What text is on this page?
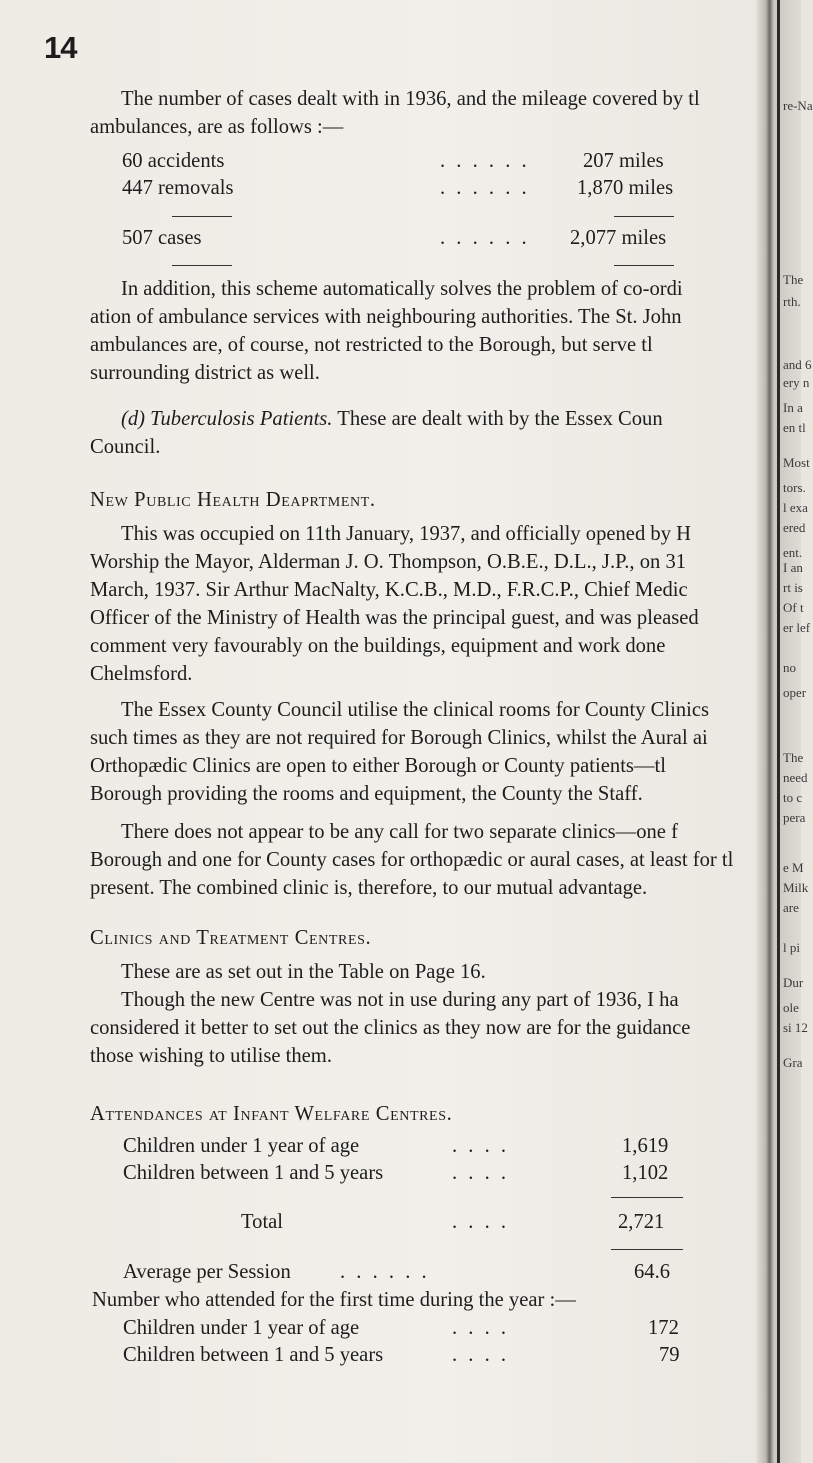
14
The number of cases dealt with in 1936, and the mileage covered by tl
ambulances, are as follows :—
60 accidents	. . . . . .	207 miles
447 removals	. . . . . . 1,870 miles
507 cases	. . . . . . 2,077 miles
In addition, this scheme automatically solves the problem of co-ordi
ation of ambulance services with neighbouring authorities. The St. John
ambulances are, of course, not restricted to the Borough, but serve tl
surrounding district as well.
(d) Tuberculosis Patients. These are dealt with by the Essex Coun
Council.
New Public Health Deaprtment.
This was occupied on 11th January, 1937, and officially opened by H
Worship the Mayor, Alderman J. O. Thompson, O.B.E., D.L., J.P., on 31
March, 1937. Sir Arthur MacNalty, K.C.B., M.D., F.R.C.P., Chief Medic
Officer of the Ministry of Health was the principal guest, and was pleased
comment very favourably on the buildings, equipment and work done
Chelmsford.
The Essex County Council utilise the clinical rooms for County Clinics
such times as they are not required for Borough Clinics, whilst the Aural ai
Orthopædic Clinics are open to either Borough or County patients—tl
Borough providing the rooms and equipment, the County the Staff.
There does not appear to be any call for two separate clinics—one f
Borough and one for County cases for orthopædic or aural cases, at least for tl
present. The combined clinic is, therefore, to our mutual advantage.
Clinics and Treatment Centres.
These are as set out in the Table on Page 16.
Though the new Centre was not in use during any part of 1936, I ha
considered it better to set out the clinics as they now are for the guidance
those wishing to utilise them.
Attendances at Infant Welfare Centres.
Children under 1 year of age	. . . .	1,619
Children between 1 and 5 years	. . . .	1,102
Total	. . . .	2,721
Average per Session . . . . . .	64.6
Number who attended for the first time during the year :—
Children under 1 year of age	. . . .	172
Children between 1 and 5 years	. . . .	79
re-Na
The
rth.
and 6
ery n
In a
en tl
Most
tors.
l exa
ered
ent.
I an
rt is
Of t
er lef
no
oper
The
need
to c
pera
e M
Milk
are
l pi
Dur
ole
si 12
Gra
